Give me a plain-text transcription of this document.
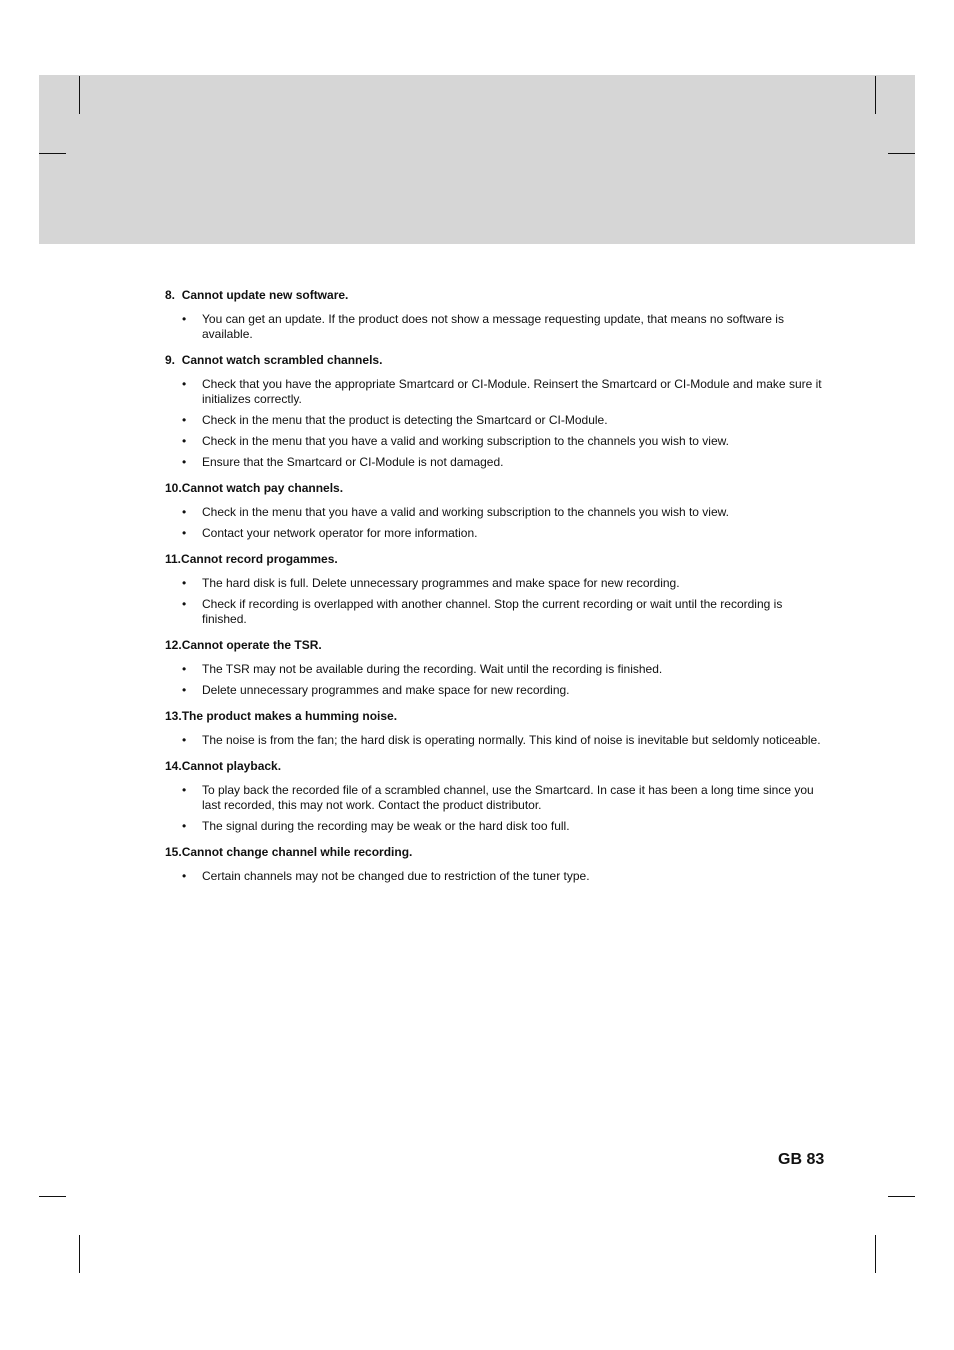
8. Cannot update new software.
• You can get an update. If the product does not show a message requesting update, that means no software is available.
9. Cannot watch scrambled channels.
• Check that you have the appropriate Smartcard or CI-Module. Reinsert the Smartcard or CI-Module and make sure it initializes correctly.
• Check in the menu that the product is detecting the Smartcard or CI-Module.
• Check in the menu that you have a valid and working subscription to the channels you wish to view.
• Ensure that the Smartcard or CI-Module is not damaged.
10. Cannot watch pay channels.
• Check in the menu that you have a valid and working subscription to the channels you wish to view.
• Contact your network operator for more information.
11. Cannot record progammes.
• The hard disk is full. Delete unnecessary programmes and make space for new recording.
• Check if recording is overlapped with another channel. Stop the current recording or wait until the recording is finished.
12. Cannot operate the TSR.
• The TSR may not be available during the recording. Wait until the recording is finished.
• Delete unnecessary programmes and make space for new recording.
13. The product makes a humming noise.
• The noise is from the fan; the hard disk is operating normally. This kind of noise is inevitable but seldomly noticeable.
14. Cannot playback.
• To play back the recorded file of a scrambled channel, use the Smartcard. In case it has been a long time since you last recorded, this may not work. Contact the product distributor.
• The signal during the recording may be weak or the hard disk too full.
15. Cannot change channel while recording.
• Certain channels may not be changed due to restriction of the tuner type.
GB 83
